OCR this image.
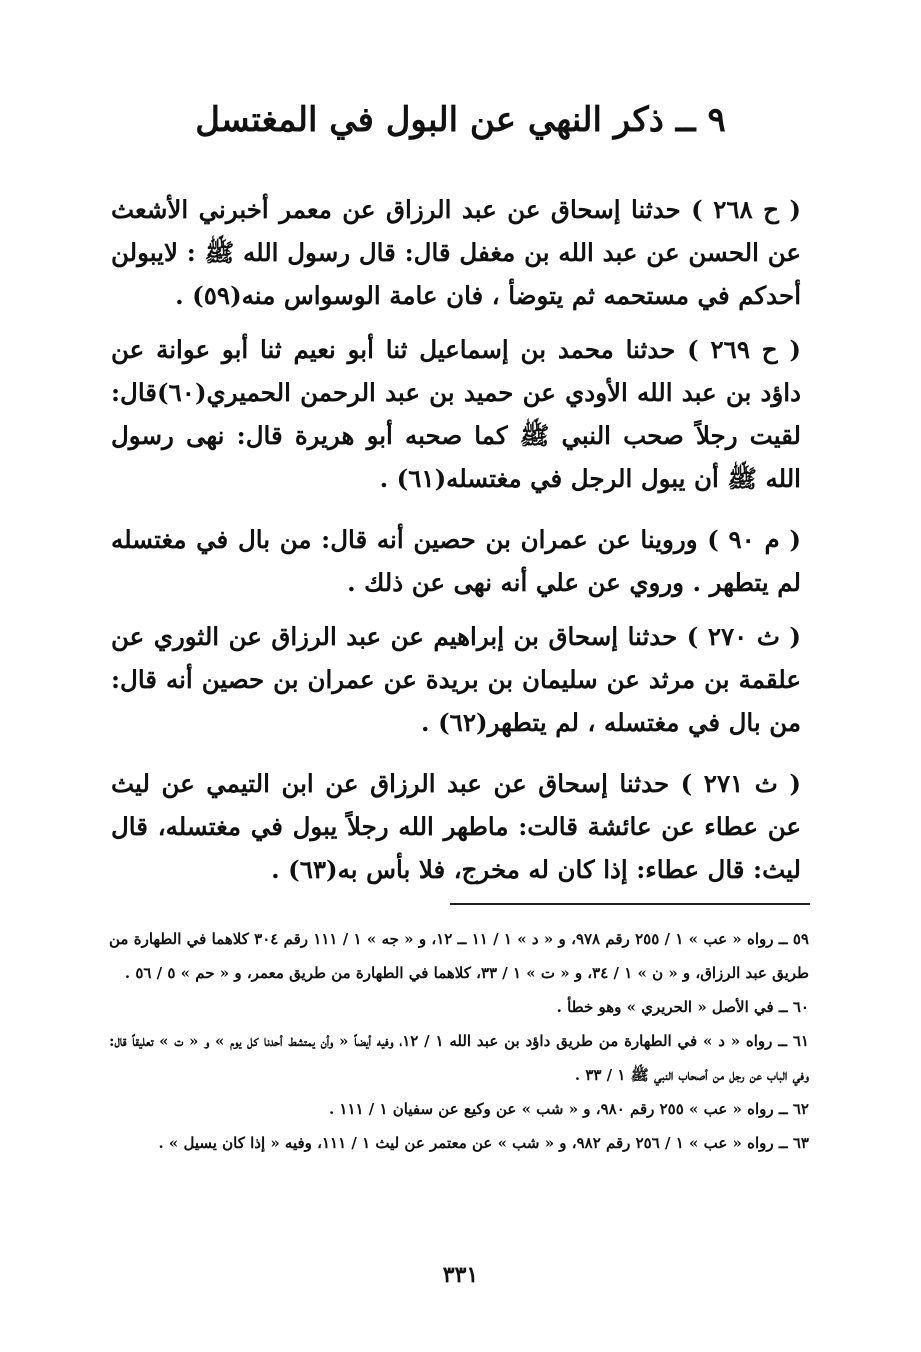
٩ ــ ذكر النهي عن البول في المغتسل

( ح ٢٦٨ ) حدثنا إسحاق عن عبد الرزاق عن معمر أخبرني الأشعث عن الحسن عن عبد الله بن مغفل قال: قال رسول الله ﷺ : لايبولن أحدكم في مستحمه ثم يتوضأ ، فان عامة الوسواس منه(٥٩) .

( ح ٢٦٩ ) حدثنا محمد بن إسماعيل ثنا أبو نعيم ثنا أبو عوانة عن داؤد بن عبد الله الأودي عن حميد بن عبد الرحمن الحميري(٦٠)قال: لقيت رجلاً صحب النبي ﷺ كما صحبه أبو هريرة قال: نهى رسول الله ﷺ أن يبول الرجل في مغتسله(٦١) .

( م ٩٠ ) وروينا عن عمران بن حصين أنه قال: من بال في مغتسله لم يتطهر . وروي عن علي أنه نهى عن ذلك .

( ث ٢٧٠ ) حدثنا إسحاق بن إبراهيم عن عبد الرزاق عن الثوري عن علقمة بن مرثد عن سليمان بن بريدة عن عمران بن حصين أنه قال: من بال في مغتسله ، لم يتطهر(٦٢) .

( ث ٢٧١ ) حدثنا إسحاق عن عبد الرزاق عن ابن التيمي عن ليث عن عطاء عن عائشة قالت: ماطهر الله رجلاً يبول في مغتسله، قال ليث: قال عطاء: إذا كان له مخرج، فلا بأس به(٦٣) .

٥٩ ــ رواه « عب » ١ / ٢٥٥ رقم ٩٧٨، و « د » ١ / ١١ ــ ١٢، و « جه » ١ / ١١١ رقم ٣٠٤ كلاهما في الطهارة من طريق عبد الرزاق، و « ن » ١ / ٣٤، و « ت » ١ / ٣٣، كلاهما في الطهارة من طريق معمر، و « حم » ٥ / ٥٦ .

٦٠ ــ في الأصل « الحريري » وهو خطأ .

٦١ ــ رواه « د » في الطهارة من طريق داؤد بن عبد الله ١ / ١٢، وفيه أيضاً « وأن يمتشط أحدنا كل يوم » و « ت » تعليقاً قال: وفي الباب عن رجل من أصحاب النبي ﷺ ١ / ٣٣ .

٦٢ ــ رواه « عب » ٢٥٥ رقم ٩٨٠، و « شب » عن وكيع عن سفيان ١ / ١١١ .

٦٣ ــ رواه « عب » ١ / ٢٥٦ رقم ٩٨٢، و « شب » عن معتمر عن ليث ١ / ١١١، وفيه « إذا كان يسيل » .

٣٣١
